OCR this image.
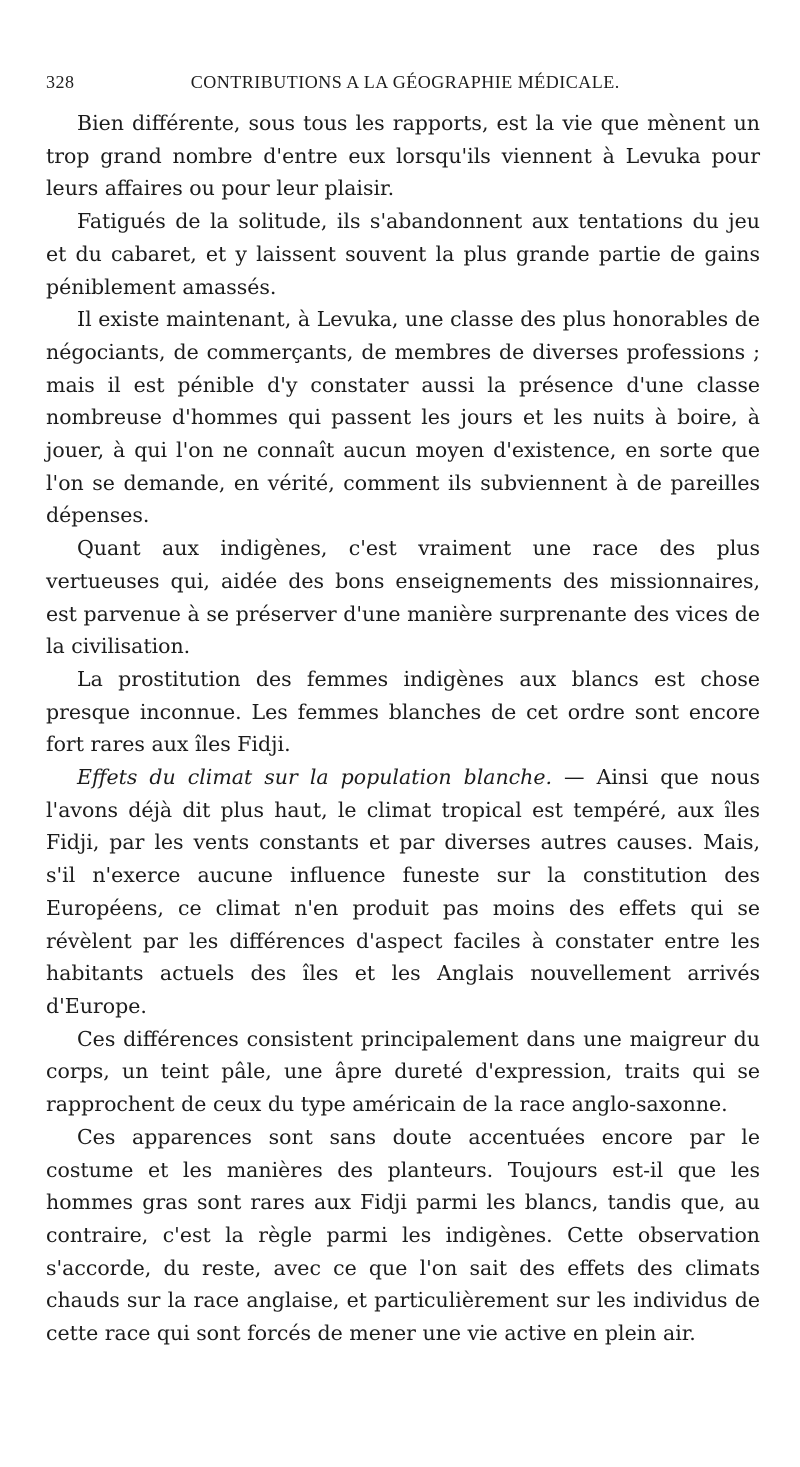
328	CONTRIBUTIONS A LA GÉOGRAPHIE MÉDICALE.

Bien différente, sous tous les rapports, est la vie que mènent un trop grand nombre d'entre eux lorsqu'ils viennent à Levuka pour leurs affaires ou pour leur plaisir.

Fatigués de la solitude, ils s'abandonnent aux tentations du jeu et du cabaret, et y laissent souvent la plus grande partie de gains péniblement amassés.

Il existe maintenant, à Levuka, une classe des plus honorables de négociants, de commerçants, de membres de diverses professions ; mais il est pénible d'y constater aussi la présence d'une classe nombreuse d'hommes qui passent les jours et les nuits à boire, à jouer, à qui l'on ne connaît aucun moyen d'existence, en sorte que l'on se demande, en vérité, comment ils subviennent à de pareilles dépenses.

Quant aux indigènes, c'est vraiment une race des plus vertueuses qui, aidée des bons enseignements des missionnaires, est parvenue à se préserver d'une manière surprenante des vices de la civilisation.

La prostitution des femmes indigènes aux blancs est chose presque inconnue. Les femmes blanches de cet ordre sont encore fort rares aux îles Fidji.

Effets du climat sur la population blanche. — Ainsi que nous l'avons déjà dit plus haut, le climat tropical est tempéré, aux îles Fidji, par les vents constants et par diverses autres causes. Mais, s'il n'exerce aucune influence funeste sur la constitution des Européens, ce climat n'en produit pas moins des effets qui se révèlent par les différences d'aspect faciles à constater entre les habitants actuels des îles et les Anglais nouvellement arrivés d'Europe.

Ces différences consistent principalement dans une maigreur du corps, un teint pâle, une âpre dureté d'expression, traits qui se rapprochent de ceux du type américain de la race anglo-saxonne.

Ces apparences sont sans doute accentuées encore par le costume et les manières des planteurs. Toujours est-il que les hommes gras sont rares aux Fidji parmi les blancs, tandis que, au contraire, c'est la règle parmi les indigènes. Cette observation s'accorde, du reste, avec ce que l'on sait des effets des climats chauds sur la race anglaise, et particulièrement sur les individus de cette race qui sont forcés de mener une vie active en plein air.
